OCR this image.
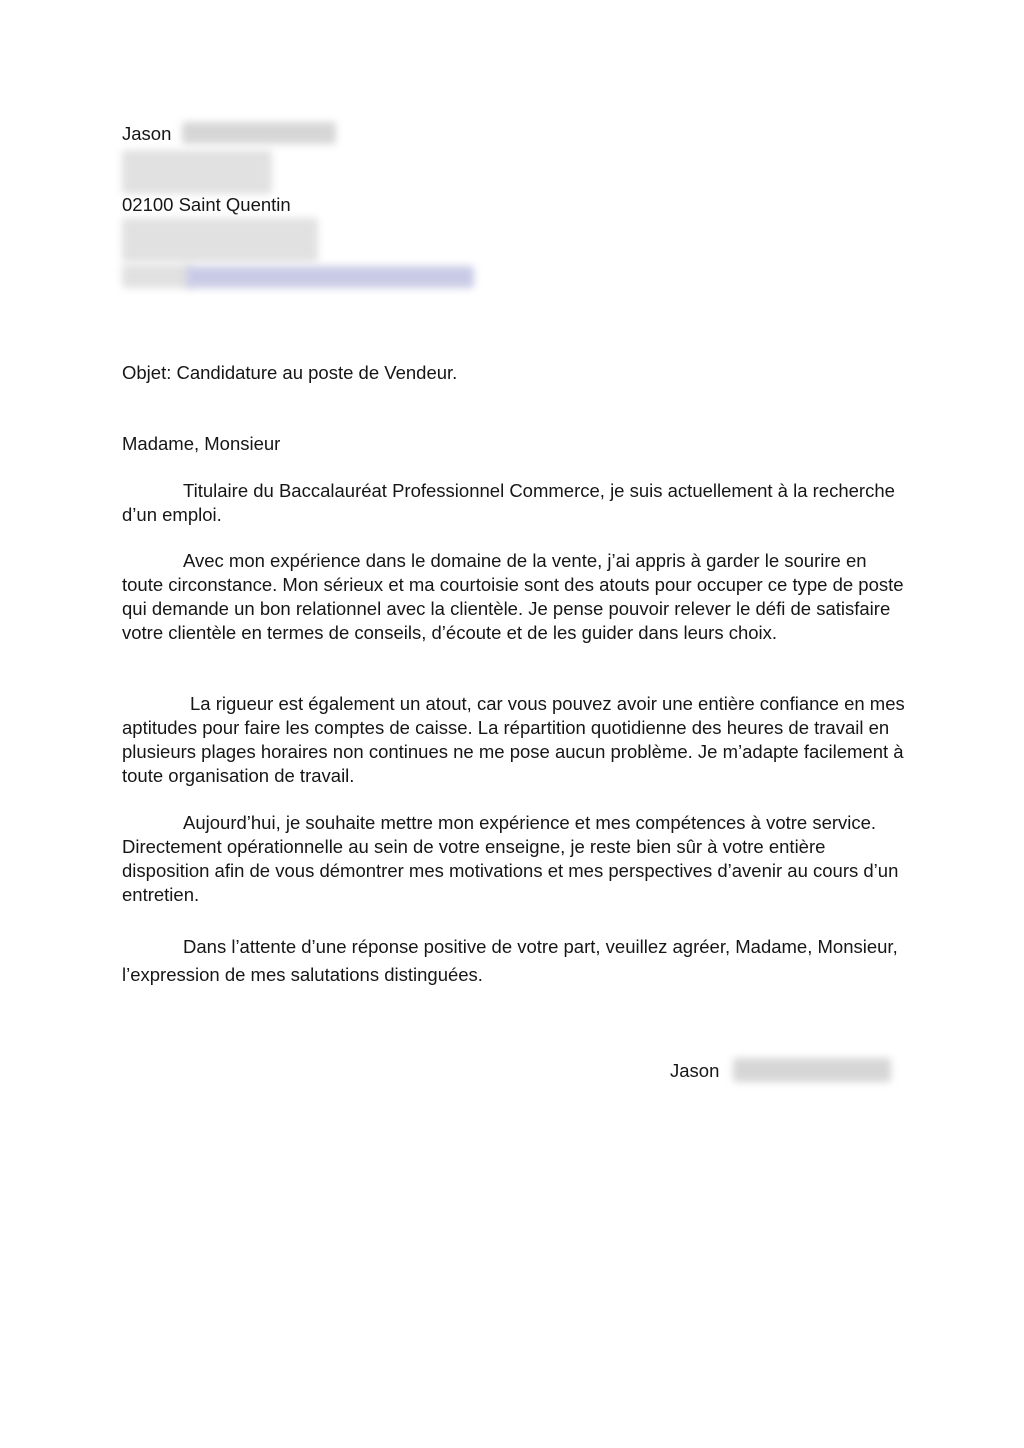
Jason
02100 Saint Quentin
Objet: Candidature au poste de Vendeur.
Madame, Monsieur

Titulaire du Baccalauréat Professionnel Commerce, je suis actuellement à la recherche d’un emploi.

Avec mon expérience dans le domaine de la vente, j’ai appris à garder le sourire en toute circonstance. Mon sérieux et ma courtoisie sont des atouts pour occuper ce type de poste qui demande un bon relationnel avec la clientèle. Je pense pouvoir relever le défi de satisfaire votre clientèle en termes de conseils, d’écoute et de les guider dans leurs choix.

La rigueur est également un atout, car vous pouvez avoir une entière confiance en mes aptitudes pour faire les comptes de caisse. La répartition quotidienne des heures de travail en plusieurs plages horaires non continues ne me pose aucun problème. Je m’adapte facilement à toute organisation de travail.

Aujourd’hui, je souhaite mettre mon expérience et mes compétences à votre service. Directement opérationnelle au sein de votre enseigne, je reste bien sûr à votre entière disposition afin de vous démontrer mes motivations et mes perspectives d’avenir au cours d’un entretien.

Dans l’attente d’une réponse positive de votre part, veuillez agréer, Madame, Monsieur, l’expression de mes salutations distinguées.

Jason
